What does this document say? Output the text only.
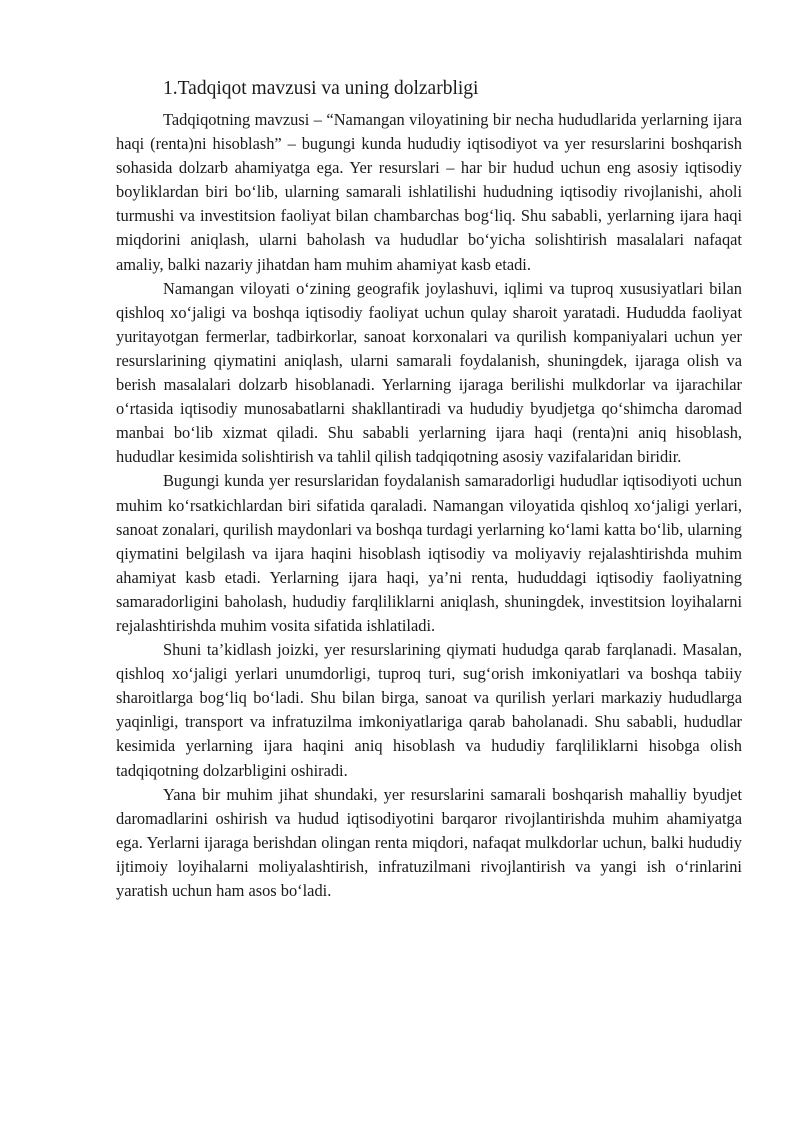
1.Tadqiqot mavzusi va uning dolzarbligi

Tadqiqotning mavzusi – “Namangan viloyatining bir necha hududlarida yerlarning ijara haqi (renta)ni hisoblash” – bugungi kunda hududiy iqtisodiyot va yer resurslarini boshqarish sohasida dolzarb ahamiyatga ega. Yer resurslari – har bir hudud uchun eng asosiy iqtisodiy boyliklardan biri boʻlib, ularning samarali ishlatilishi hududning iqtisodiy rivojlanishi, aholi turmushi va investitsion faoliyat bilan chambarchas bogʻliq. Shu sababli, yerlarning ijara haqi miqdorini aniqlash, ularni baholash va hududlar boʻyicha solishtirish masalalari nafaqat amaliy, balki nazariy jihatdan ham muhim ahamiyat kasb etadi.

Namangan viloyati oʻzining geografik joylashuvi, iqlimi va tuproq xususiyatlari bilan qishloq xoʻjaligi va boshqa iqtisodiy faoliyat uchun qulay sharoit yaratadi. Hududda faoliyat yuritayotgan fermerlar, tadbirkorlar, sanoat korxonalari va qurilish kompaniyalari uchun yer resurslarining qiymatini aniqlash, ularni samarali foydalanish, shuningdek, ijaraga olish va berish masalalari dolzarb hisoblanadi. Yerlarning ijaraga berilishi mulkdorlar va ijarachilar oʻrtasida iqtisodiy munosabatlarni shakllantiradi va hududiy byudjetga qoʻshimcha daromad manbai boʻlib xizmat qiladi. Shu sababli yerlarning ijara haqi (renta)ni aniq hisoblash, hududlar kesimida solishtirish va tahlil qilish tadqiqotning asosiy vazifalaridan biridir.

Bugungi kunda yer resurslaridan foydalanish samaradorligi hududlar iqtisodiyoti uchun muhim koʻrsatkichlardan biri sifatida qaraladi. Namangan viloyatida qishloq xoʻjaligi yerlari, sanoat zonalari, qurilish maydonlari va boshqa turdagi yerlarning koʻlami katta boʻlib, ularning qiymatini belgilash va ijara haqini hisoblash iqtisodiy va moliyaviy rejalashtirishda muhim ahamiyat kasb etadi. Yerlarning ijara haqi, ya’ni renta, hududdagi iqtisodiy faoliyatning samaradorligini baholash, hududiy farqliliklarni aniqlash, shuningdek, investitsion loyihalarni rejalashtirishda muhim vosita sifatida ishlatiladi.

Shuni ta’kidlash joizki, yer resurslarining qiymati hududga qarab farqlanadi. Masalan, qishloq xoʻjaligi yerlari unumdorligi, tuproq turi, sugʻorish imkoniyatlari va boshqa tabiiy sharoitlarga bogʻliq boʻladi. Shu bilan birga, sanoat va qurilish yerlari markaziy hududlarga yaqinligi, transport va infratuzilma imkoniyatlariga qarab baholanadi. Shu sababli, hududlar kesimida yerlarning ijara haqini aniq hisoblash va hududiy farqliliklarni hisobga olish tadqiqotning dolzarbligini oshiradi.

Yana bir muhim jihat shundaki, yer resurslarini samarali boshqarish mahalliy byudjet daromadlarini oshirish va hudud iqtisodiyotini barqaror rivojlantirishda muhim ahamiyatga ega. Yerlarni ijaraga berishdan olingan renta miqdori, nafaqat mulkdorlar uchun, balki hududiy ijtimoiy loyihalarni moliyalashtirish, infratuzilmani rivojlantirish va yangi ish oʻrinlarini yaratish uchun ham asos boʻladi.
